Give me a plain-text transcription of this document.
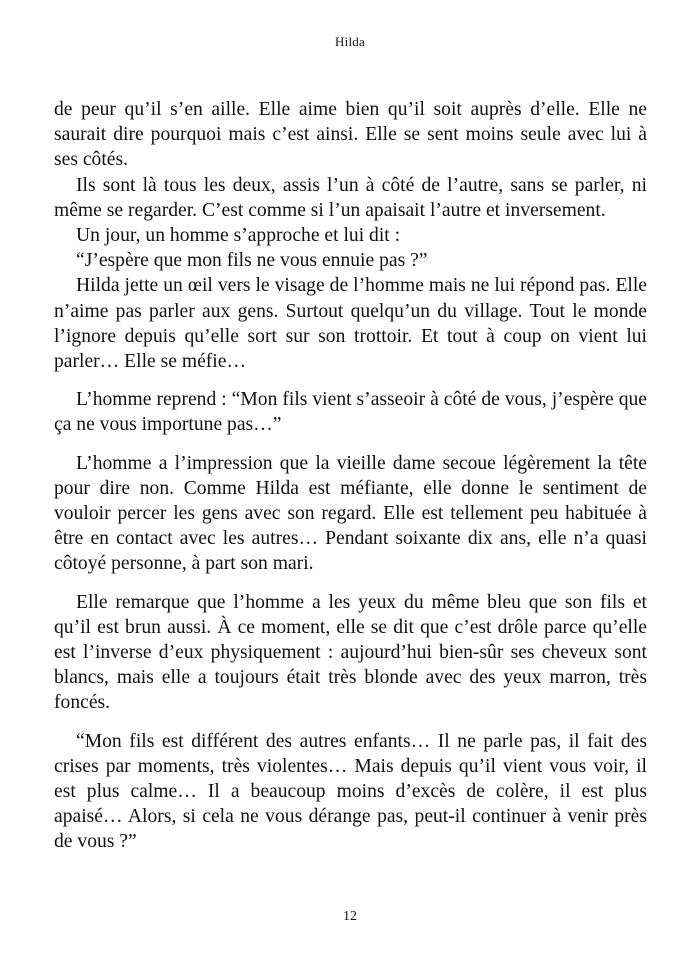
Hilda

de peur qu’il s’en aille. Elle aime bien qu’il soit auprès d’elle. Elle ne saurait dire pourquoi mais c’est ainsi. Elle se sent moins seule avec lui à ses côtés.

Ils sont là tous les deux, assis l’un à côté de l’autre, sans se parler, ni même se regarder. C’est comme si l’un apaisait l’autre et inversement.

Un jour, un homme s’approche et lui dit :

“J’espère que mon fils ne vous ennuie pas ?”

Hilda jette un œil vers le visage de l’homme mais ne lui répond pas. Elle n’aime pas parler aux gens. Surtout quelqu’un du village. Tout le monde l’ignore depuis qu’elle sort sur son trottoir. Et tout à coup on vient lui parler… Elle se méfie…

L’homme reprend : “Mon fils vient s’asseoir à côté de vous, j’espère que ça ne vous importune pas…”

L’homme a l’impression que la vieille dame secoue légèrement la tête pour dire non. Comme Hilda est méfiante, elle donne le sentiment de vouloir percer les gens avec son regard. Elle est tellement peu habituée à être en contact avec les autres… Pendant soixante dix ans, elle n’a quasi côtoyé personne, à part son mari.

Elle remarque que l’homme a les yeux du même bleu que son fils et qu’il est brun aussi. À ce moment, elle se dit que c’est drôle parce qu’elle est l’inverse d’eux physiquement : aujourd’hui bien-sûr ses cheveux sont blancs, mais elle a toujours était très blonde avec des yeux marron, très foncés.

“Mon fils est différent des autres enfants… Il ne parle pas, il fait des crises par moments, très violentes… Mais depuis qu’il vient vous voir, il est plus calme… Il a beaucoup moins d’excès de colère, il est plus apaisé… Alors, si cela ne vous dérange pas, peut-il continuer à venir près de vous ?”

12
